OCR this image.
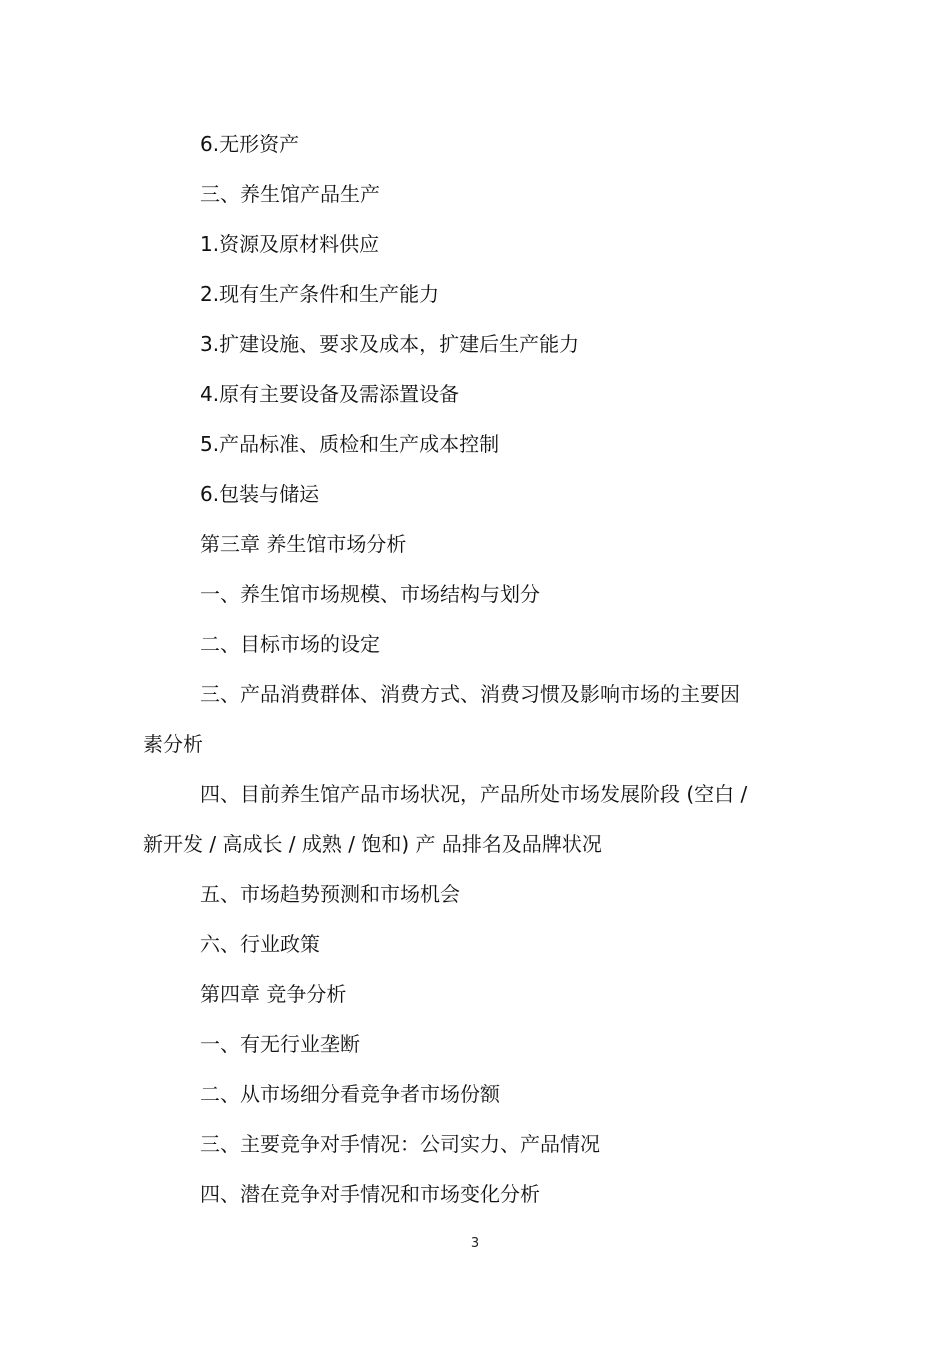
6.无形资产
三、养生馆产品生产
1.资源及原材料供应
2.现有生产条件和生产能力
3.扩建设施、要求及成本，扩建后生产能力
4.原有主要设备及需添置设备
5.产品标准、质检和生产成本控制
6.包装与储运
第三章 养生馆市场分析
一、养生馆市场规模、市场结构与划分
二、目标市场的设定
三、产品消费群体、消费方式、消费习惯及影响市场的主要因
素分析
四、目前养生馆产品市场状况，产品所处市场发展阶段 (空白 /
新开发 / 高成长 / 成熟 / 饱和) 产 品排名及品牌状况
五、市场趋势预测和市场机会
六、行业政策
第四章 竞争分析
一、有无行业垄断
二、从市场细分看竞争者市场份额
三、主要竞争对手情况：公司实力、产品情况
四、潜在竞争对手情况和市场变化分析
3
